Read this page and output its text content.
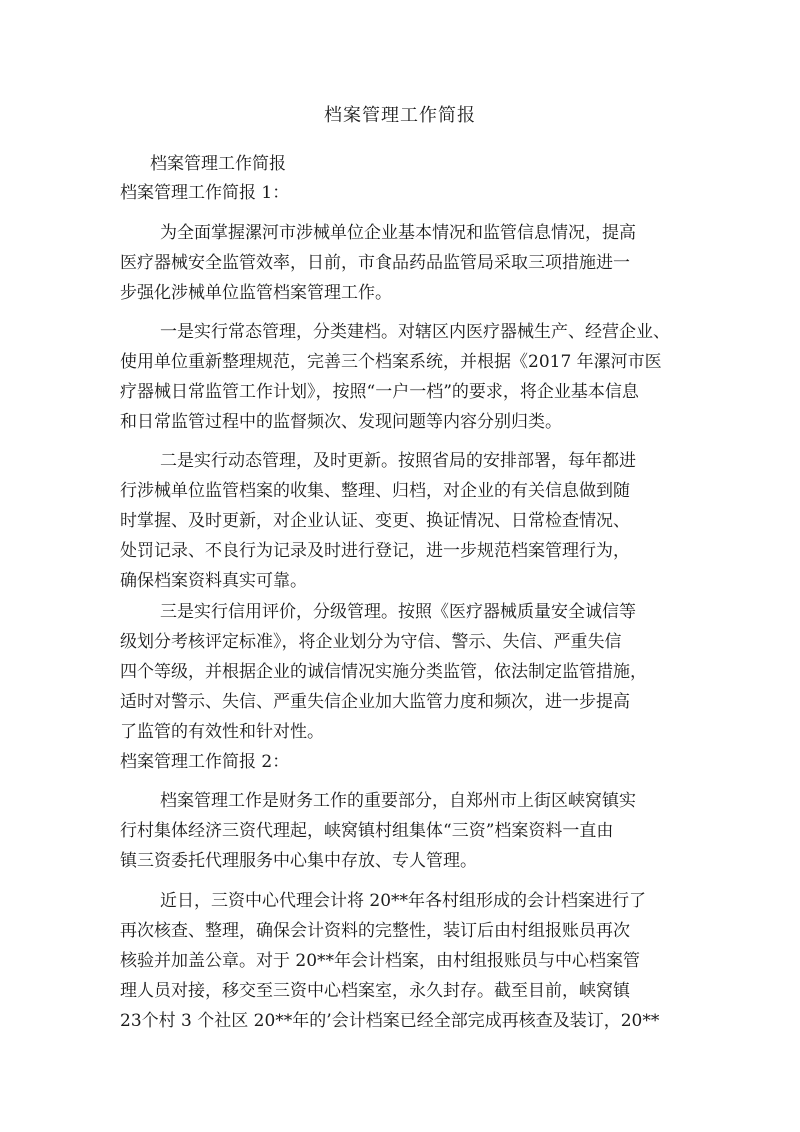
档案管理工作简报
档案管理工作简报
档案管理工作简报 1：
为全面掌握漯河市涉械单位企业基本情况和监管信息情况，提高
医疗器械安全监管效率，日前，市食品药品监管局采取三项措施进一
步强化涉械单位监管档案管理工作。
一是实行常态管理，分类建档。对辖区内医疗器械生产、经营企业、
使用单位重新整理规范，完善三个档案系统，并根据《2017 年漯河市医
疗器械日常监管工作计划》，按照“一户一档”的要求，将企业基本信息
和日常监管过程中的监督频次、发现问题等内容分别归类。
二是实行动态管理，及时更新。按照省局的安排部署，每年都进
行涉械单位监管档案的收集、整理、归档，对企业的有关信息做到随
时掌握、及时更新，对企业认证、变更、换证情况、日常检查情况、
处罚记录、不良行为记录及时进行登记，进一步规范档案管理行为，
确保档案资料真实可靠。
三是实行信用评价，分级管理。按照《医疗器械质量安全诚信等
级划分考核评定标准》，将企业划分为守信、警示、失信、严重失信
四个等级，并根据企业的诚信情况实施分类监管，依法制定监管措施，
适时对警示、失信、严重失信企业加大监管力度和频次，进一步提高
了监管的有效性和针对性。
档案管理工作简报 2：
档案管理工作是财务工作的重要部分，自郑州市上街区峡窝镇实
行村集体经济三资代理起，峡窝镇村组集体“三资”档案资料一直由
镇三资委托代理服务中心集中存放、专人管理。
近日，三资中心代理会计将 20**年各村组形成的会计档案进行了
再次核查、整理，确保会计资料的完整性，装订后由村组报账员再次
核验并加盖公章。对于 20**年会计档案，由村组报账员与中心档案管
理人员对接，移交至三资中心档案室，永久封存。截至目前，峡窝镇
23个村 3 个社区 20**年的’会计档案已经全部完成再核查及装订，20**
